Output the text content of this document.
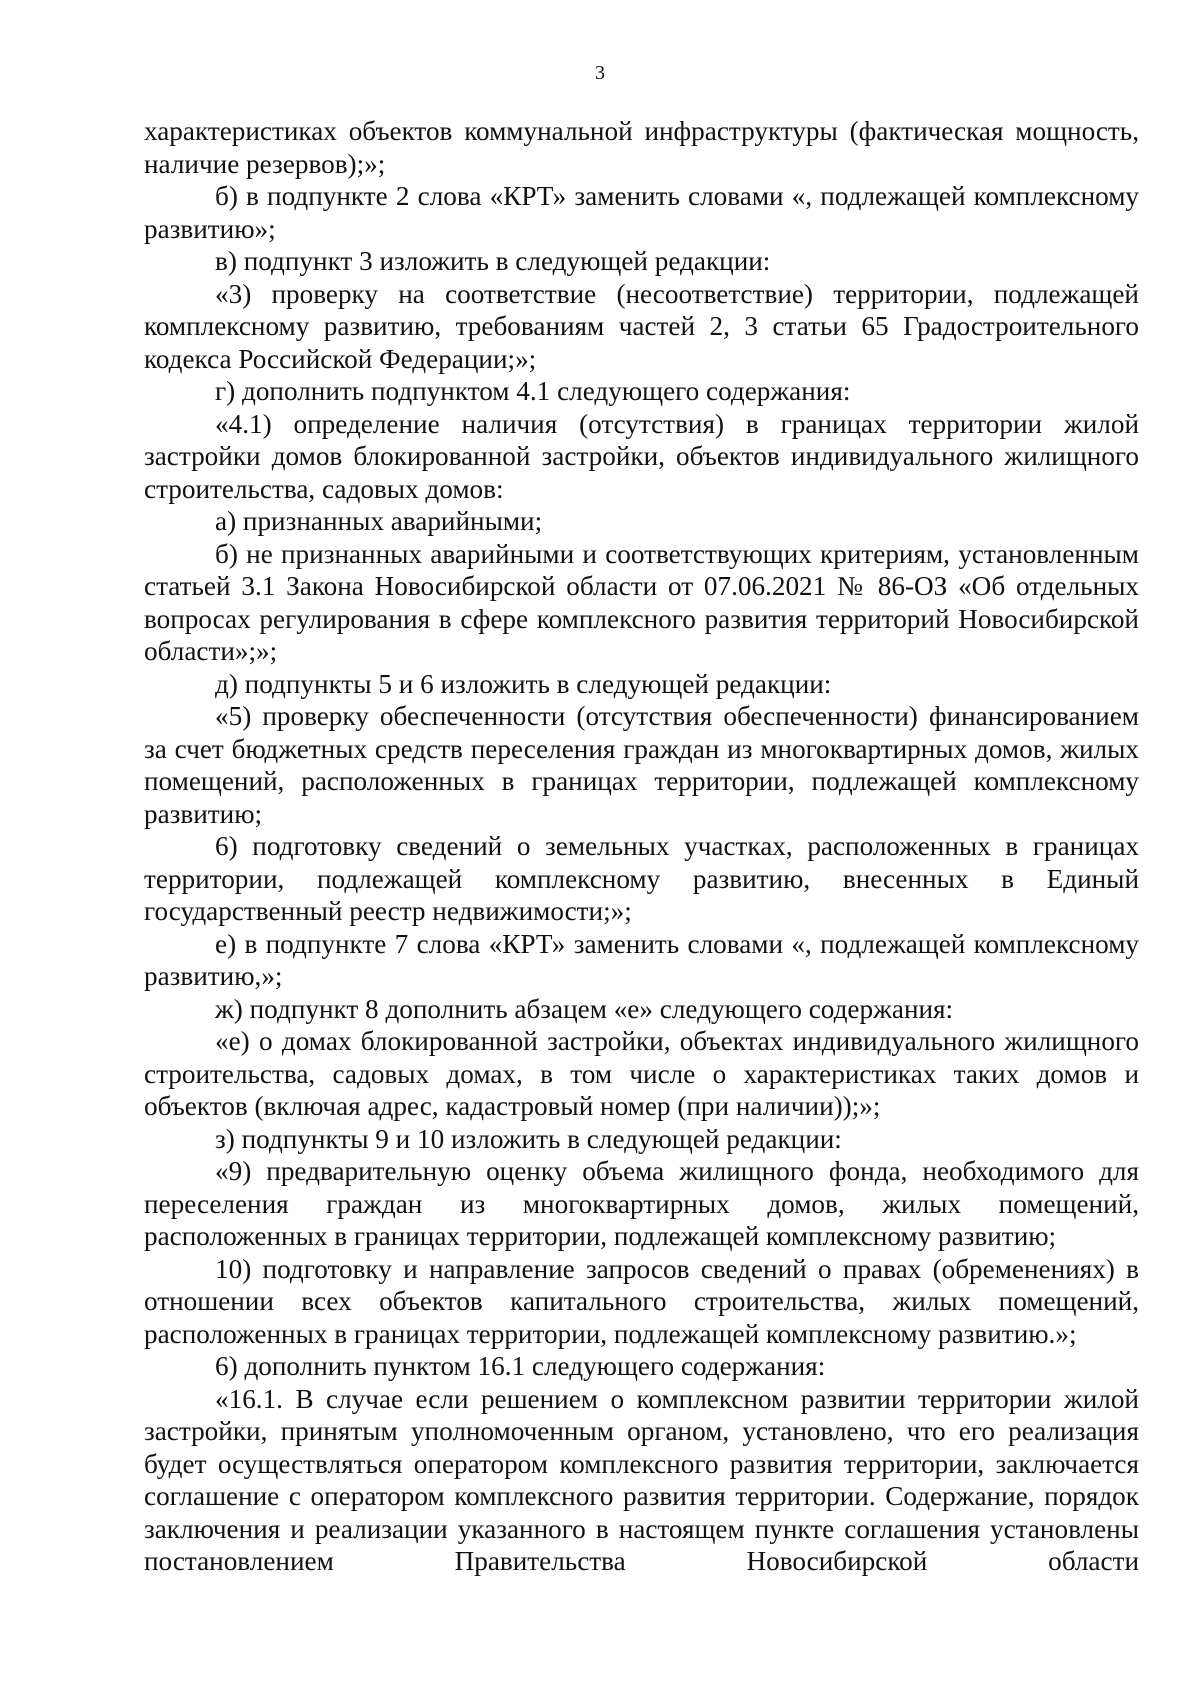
3

характеристиках объектов коммунальной инфраструктуры (фактическая мощность, наличие резервов);»;

б) в подпункте 2 слова «КРТ» заменить словами «, подлежащей комплексному развитию»;

в) подпункт 3 изложить в следующей редакции:

«3) проверку на соответствие (несоответствие) территории, подлежащей комплексному развитию, требованиям частей 2, 3 статьи 65 Градостроительного кодекса Российской Федерации;»;

г) дополнить подпунктом 4.1 следующего содержания:

«4.1) определение наличия (отсутствия) в границах территории жилой застройки домов блокированной застройки, объектов индивидуального жилищного строительства, садовых домов:

а) признанных аварийными;

б) не признанных аварийными и соответствующих критериям, установленным статьей 3.1 Закона Новосибирской области от 07.06.2021 № 86-ОЗ «Об отдельных вопросах регулирования в сфере комплексного развития территорий Новосибирской области»;»;

д) подпункты 5 и 6 изложить в следующей редакции:

«5) проверку обеспеченности (отсутствия обеспеченности) финансированием за счет бюджетных средств переселения граждан из многоквартирных домов, жилых помещений, расположенных в границах территории, подлежащей комплексному развитию;

6) подготовку сведений о земельных участках, расположенных в границах территории, подлежащей комплексному развитию, внесенных в Единый государственный реестр недвижимости;»;

е) в подпункте 7 слова «КРТ» заменить словами «, подлежащей комплексному развитию,»;

ж) подпункт 8 дополнить абзацем «е» следующего содержания:

«е) о домах блокированной застройки, объектах индивидуального жилищного строительства, садовых домах, в том числе о характеристиках таких домов и объектов (включая адрес, кадастровый номер (при наличии));»;

з) подпункты 9 и 10 изложить в следующей редакции:

«9) предварительную оценку объема жилищного фонда, необходимого для переселения граждан из многоквартирных домов, жилых помещений, расположенных в границах территории, подлежащей комплексному развитию;

10) подготовку и направление запросов сведений о правах (обременениях) в отношении всех объектов капитального строительства, жилых помещений, расположенных в границах территории, подлежащей комплексному развитию.»;

6) дополнить пунктом 16.1 следующего содержания:

«16.1. В случае если решением о комплексном развитии территории жилой застройки, принятым уполномоченным органом, установлено, что его реализация будет осуществляться оператором комплексного развития территории, заключается соглашение с оператором комплексного развития территории. Содержание, порядок заключения и реализации указанного в настоящем пункте соглашения установлены постановлением Правительства Новосибирской области
